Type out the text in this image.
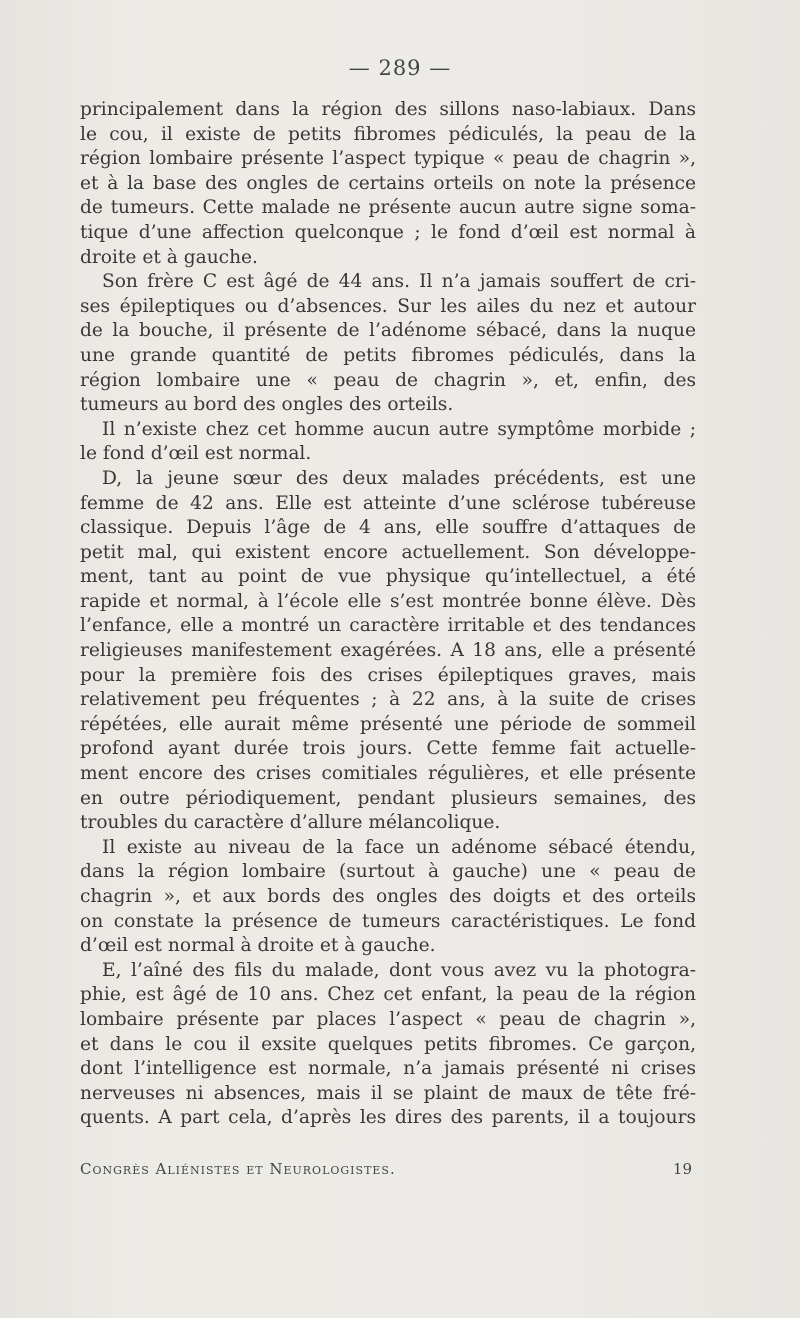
— 289 —
principalement dans la région des sillons naso-labiaux. Dans
le cou, il existe de petits fibromes pédiculés, la peau de la
région lombaire présente l’aspect typique « peau de chagrin »,
et à la base des ongles de certains orteils on note la présence
de tumeurs. Cette malade ne présente aucun autre signe soma-
tique d’une affection quelconque ; le fond d’œil est normal à
droite et à gauche.
Son frère C est âgé de 44 ans. Il n’a jamais souffert de cri-
ses épileptiques ou d’absences. Sur les ailes du nez et autour
de la bouche, il présente de l’adénome sébacé, dans la nuque
une grande quantité de petits fibromes pédiculés, dans la
région lombaire une « peau de chagrin », et, enfin, des
tumeurs au bord des ongles des orteils.
Il n’existe chez cet homme aucun autre symptôme morbide ;
le fond d’œil est normal.
D, la jeune sœur des deux malades précédents, est une
femme de 42 ans. Elle est atteinte d’une sclérose tubéreuse
classique. Depuis l’âge de 4 ans, elle souffre d’attaques de
petit mal, qui existent encore actuellement. Son développe-
ment, tant au point de vue physique qu’intellectuel, a été
rapide et normal, à l’école elle s’est montrée bonne élève. Dès
l’enfance, elle a montré un caractère irritable et des tendances
religieuses manifestement exagérées. A 18 ans, elle a présenté
pour la première fois des crises épileptiques graves, mais
relativement peu fréquentes ; à 22 ans, à la suite de crises
répétées, elle aurait même présenté une période de sommeil
profond ayant durée trois jours. Cette femme fait actuelle-
ment encore des crises comitiales régulières, et elle présente
en outre périodiquement, pendant plusieurs semaines, des
troubles du caractère d’allure mélancolique.
Il existe au niveau de la face un adénome sébacé étendu,
dans la région lombaire (surtout à gauche) une « peau de
chagrin », et aux bords des ongles des doigts et des orteils
on constate la présence de tumeurs caractéristiques. Le fond
d’œil est normal à droite et à gauche.
E, l’aîné des fils du malade, dont vous avez vu la photogra-
phie, est âgé de 10 ans. Chez cet enfant, la peau de la région
lombaire présente par places l’aspect « peau de chagrin »,
et dans le cou il exsite quelques petits fibromes. Ce garçon,
dont l’intelligence est normale, n’a jamais présenté ni crises
nerveuses ni absences, mais il se plaint de maux de tête fré-
quents. A part cela, d’après les dires des parents, il a toujours
Congrès Aliénistes et Neurologistes.	19
